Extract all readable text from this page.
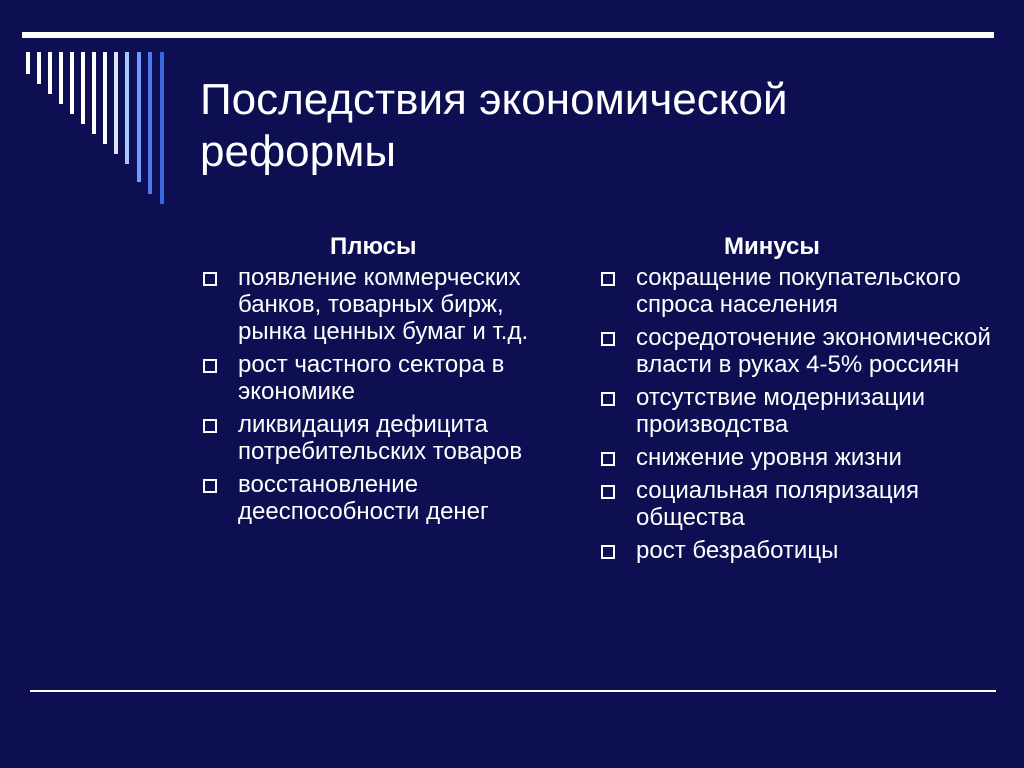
Последствия экономической реформы
Плюсы
появление коммерческих банков, товарных бирж, рынка ценных бумаг и т.д.
рост частного сектора в экономике
ликвидация дефицита потребительских товаров
восстановление дееспособности денег
Минусы
сокращение покупательского спроса населения
сосредоточение экономической власти в руках 4-5% россиян
отсутствие модернизации производства
снижение уровня жизни
социальная поляризация общества
рост безработицы
